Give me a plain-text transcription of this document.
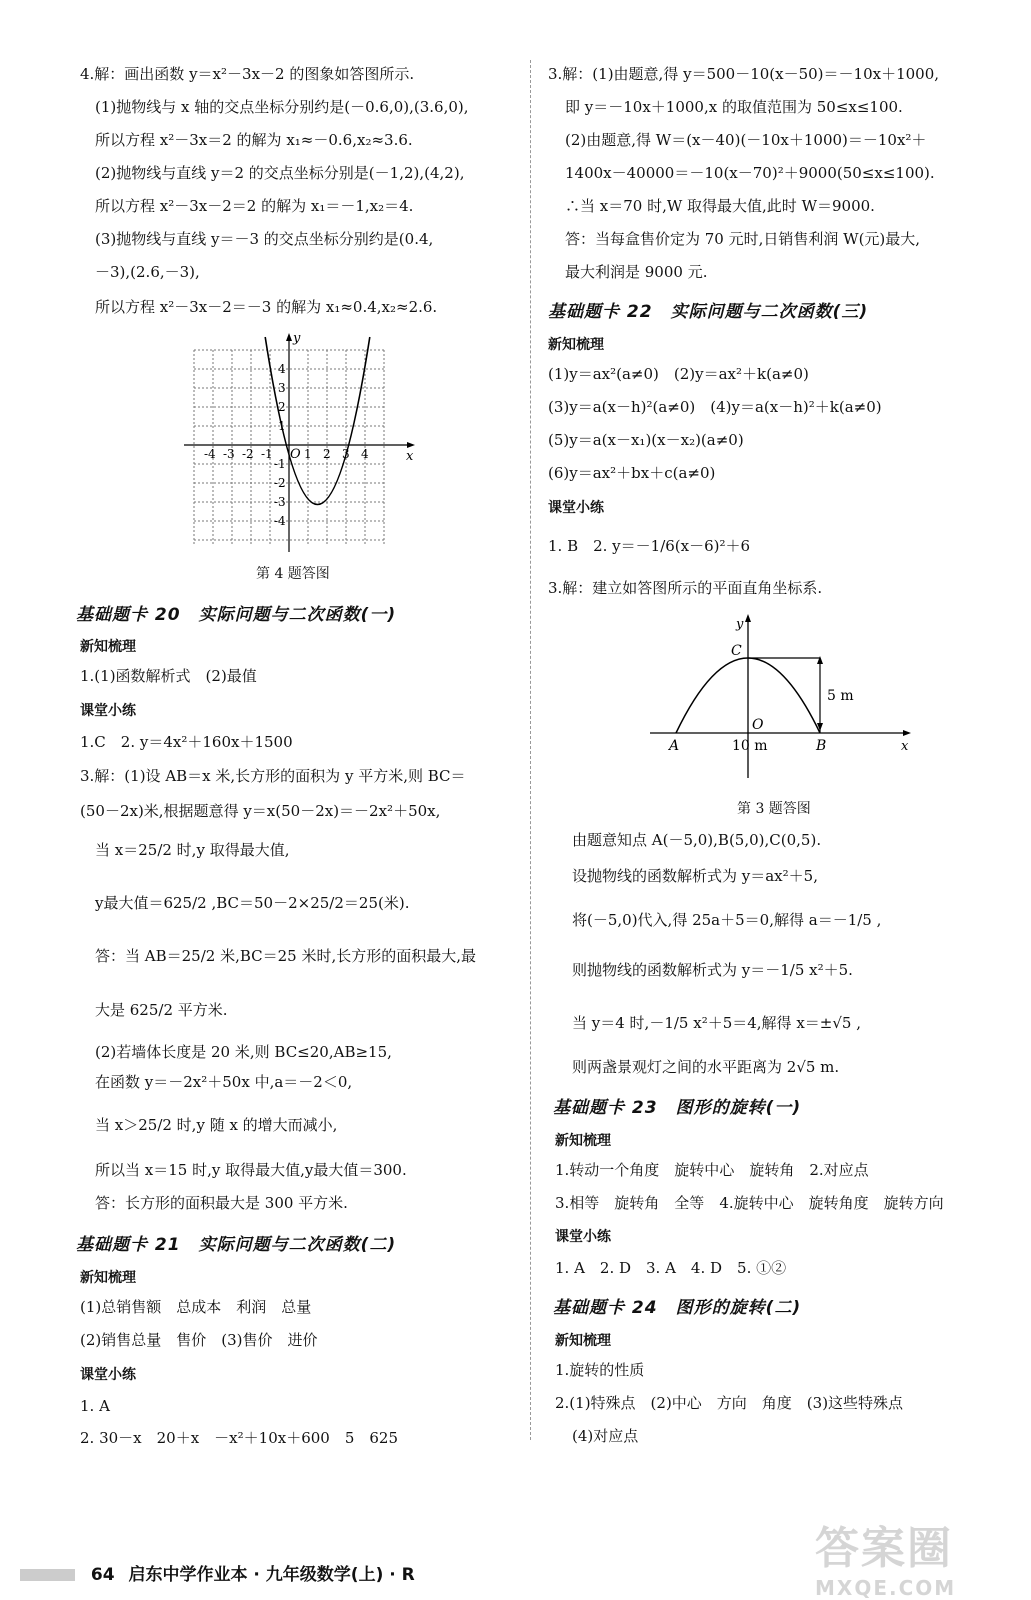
4.解：画出函数 y＝x²－3x－2 的图象如答图所示.
(1)抛物线与 x 轴的交点坐标分别约是(－0.6,0),(3.6,0),
所以方程 x²－3x＝2 的解为 x₁≈－0.6,x₂≈3.6.
(2)抛物线与直线 y＝2 的交点坐标分别是(－1,2),(4,2),
所以方程 x²－3x－2＝2 的解为 x₁＝－1,x₂＝4.
(3)抛物线与直线 y＝－3 的交点坐标分别约是(0.4,
－3),(2.6,－3),
所以方程 x²－3x－2＝－3 的解为 x₁≈0.4,x₂≈2.6.
y
x
O
-4 -3 -2 -1	1 2 3 4
4
3
2
1
-1
-2
-3
-4
第 4 题答图
基础题卡 20　实际问题与二次函数(一)
新知梳理
1.(1)函数解析式　(2)最值
课堂小练
1.C　2. y＝4x²＋160x＋1500
3.解：(1)设 AB＝x 米,长方形的面积为 y 平方米,则 BC＝
(50－2x)米,根据题意得 y＝x(50－2x)＝－2x²＋50x,
当 x＝25/2 时,y 取得最大值,
y最大值＝625/2 ,BC＝50－2×25/2＝25(米).
答：当 AB＝25/2 米,BC＝25 米时,长方形的面积最大,最
大是 625/2 平方米.
(2)若墙体长度是 20 米,则 BC≤20,AB≥15,
在函数 y＝－2x²＋50x 中,a＝－2＜0,
当 x＞25/2 时,y 随 x 的增大而减小,
所以当 x＝15 时,y 取得最大值,y最大值＝300.
答：长方形的面积最大是 300 平方米.
基础题卡 21　实际问题与二次函数(二)
新知梳理
(1)总销售额　总成本　利润　总量
(2)销售总量　售价　(3)售价　进价
课堂小练
1. A
2. 30－x　20＋x　－x²＋10x＋600　5　625
3.解：(1)由题意,得 y＝500－10(x－50)＝－10x＋1000,
即 y＝－10x＋1000,x 的取值范围为 50≤x≤100.
(2)由题意,得 W＝(x－40)(－10x＋1000)＝－10x²＋
1400x－40000＝－10(x－70)²＋9000(50≤x≤100).
∴当 x＝70 时,W 取得最大值,此时 W＝9000.
答：当每盒售价定为 70 元时,日销售利润 W(元)最大,
最大利润是 9000 元.
基础题卡 22　实际问题与二次函数(三)
新知梳理
(1)y＝ax²(a≠0)　(2)y＝ax²＋k(a≠0)
(3)y＝a(x－h)²(a≠0)　(4)y＝a(x－h)²＋k(a≠0)
(5)y＝a(x－x₁)(x－x₂)(a≠0)
(6)y＝ax²＋bx＋c(a≠0)
课堂小练
1. B　2. y＝－1/6(x－6)²＋6
3.解：建立如答图所示的平面直角坐标系.
y
x
C
O
A	B
5 m
10 m
第 3 题答图
由题意知点 A(－5,0),B(5,0),C(0,5).
设抛物线的函数解析式为 y＝ax²＋5,
将(－5,0)代入,得 25a＋5＝0,解得 a＝－1/5 ,
则抛物线的函数解析式为 y＝－1/5 x²＋5.
当 y＝4 时,－1/5 x²＋5＝4,解得 x＝±√5 ,
则两盏景观灯之间的水平距离为 2√5 m.
基础题卡 23　图形的旋转(一)
新知梳理
1.转动一个角度　旋转中心　旋转角　2.对应点
3.相等　旋转角　全等　4.旋转中心　旋转角度　旋转方向
课堂小练
1. A　2. D　3. A　4. D　5. ①②
基础题卡 24　图形的旋转(二)
新知梳理
1.旋转的性质
2.(1)特殊点　(2)中心　方向　角度　(3)这些特殊点
(4)对应点
64 启东中学作业本 · 九年级数学(上) · R
答案圈
MXQE.COM
